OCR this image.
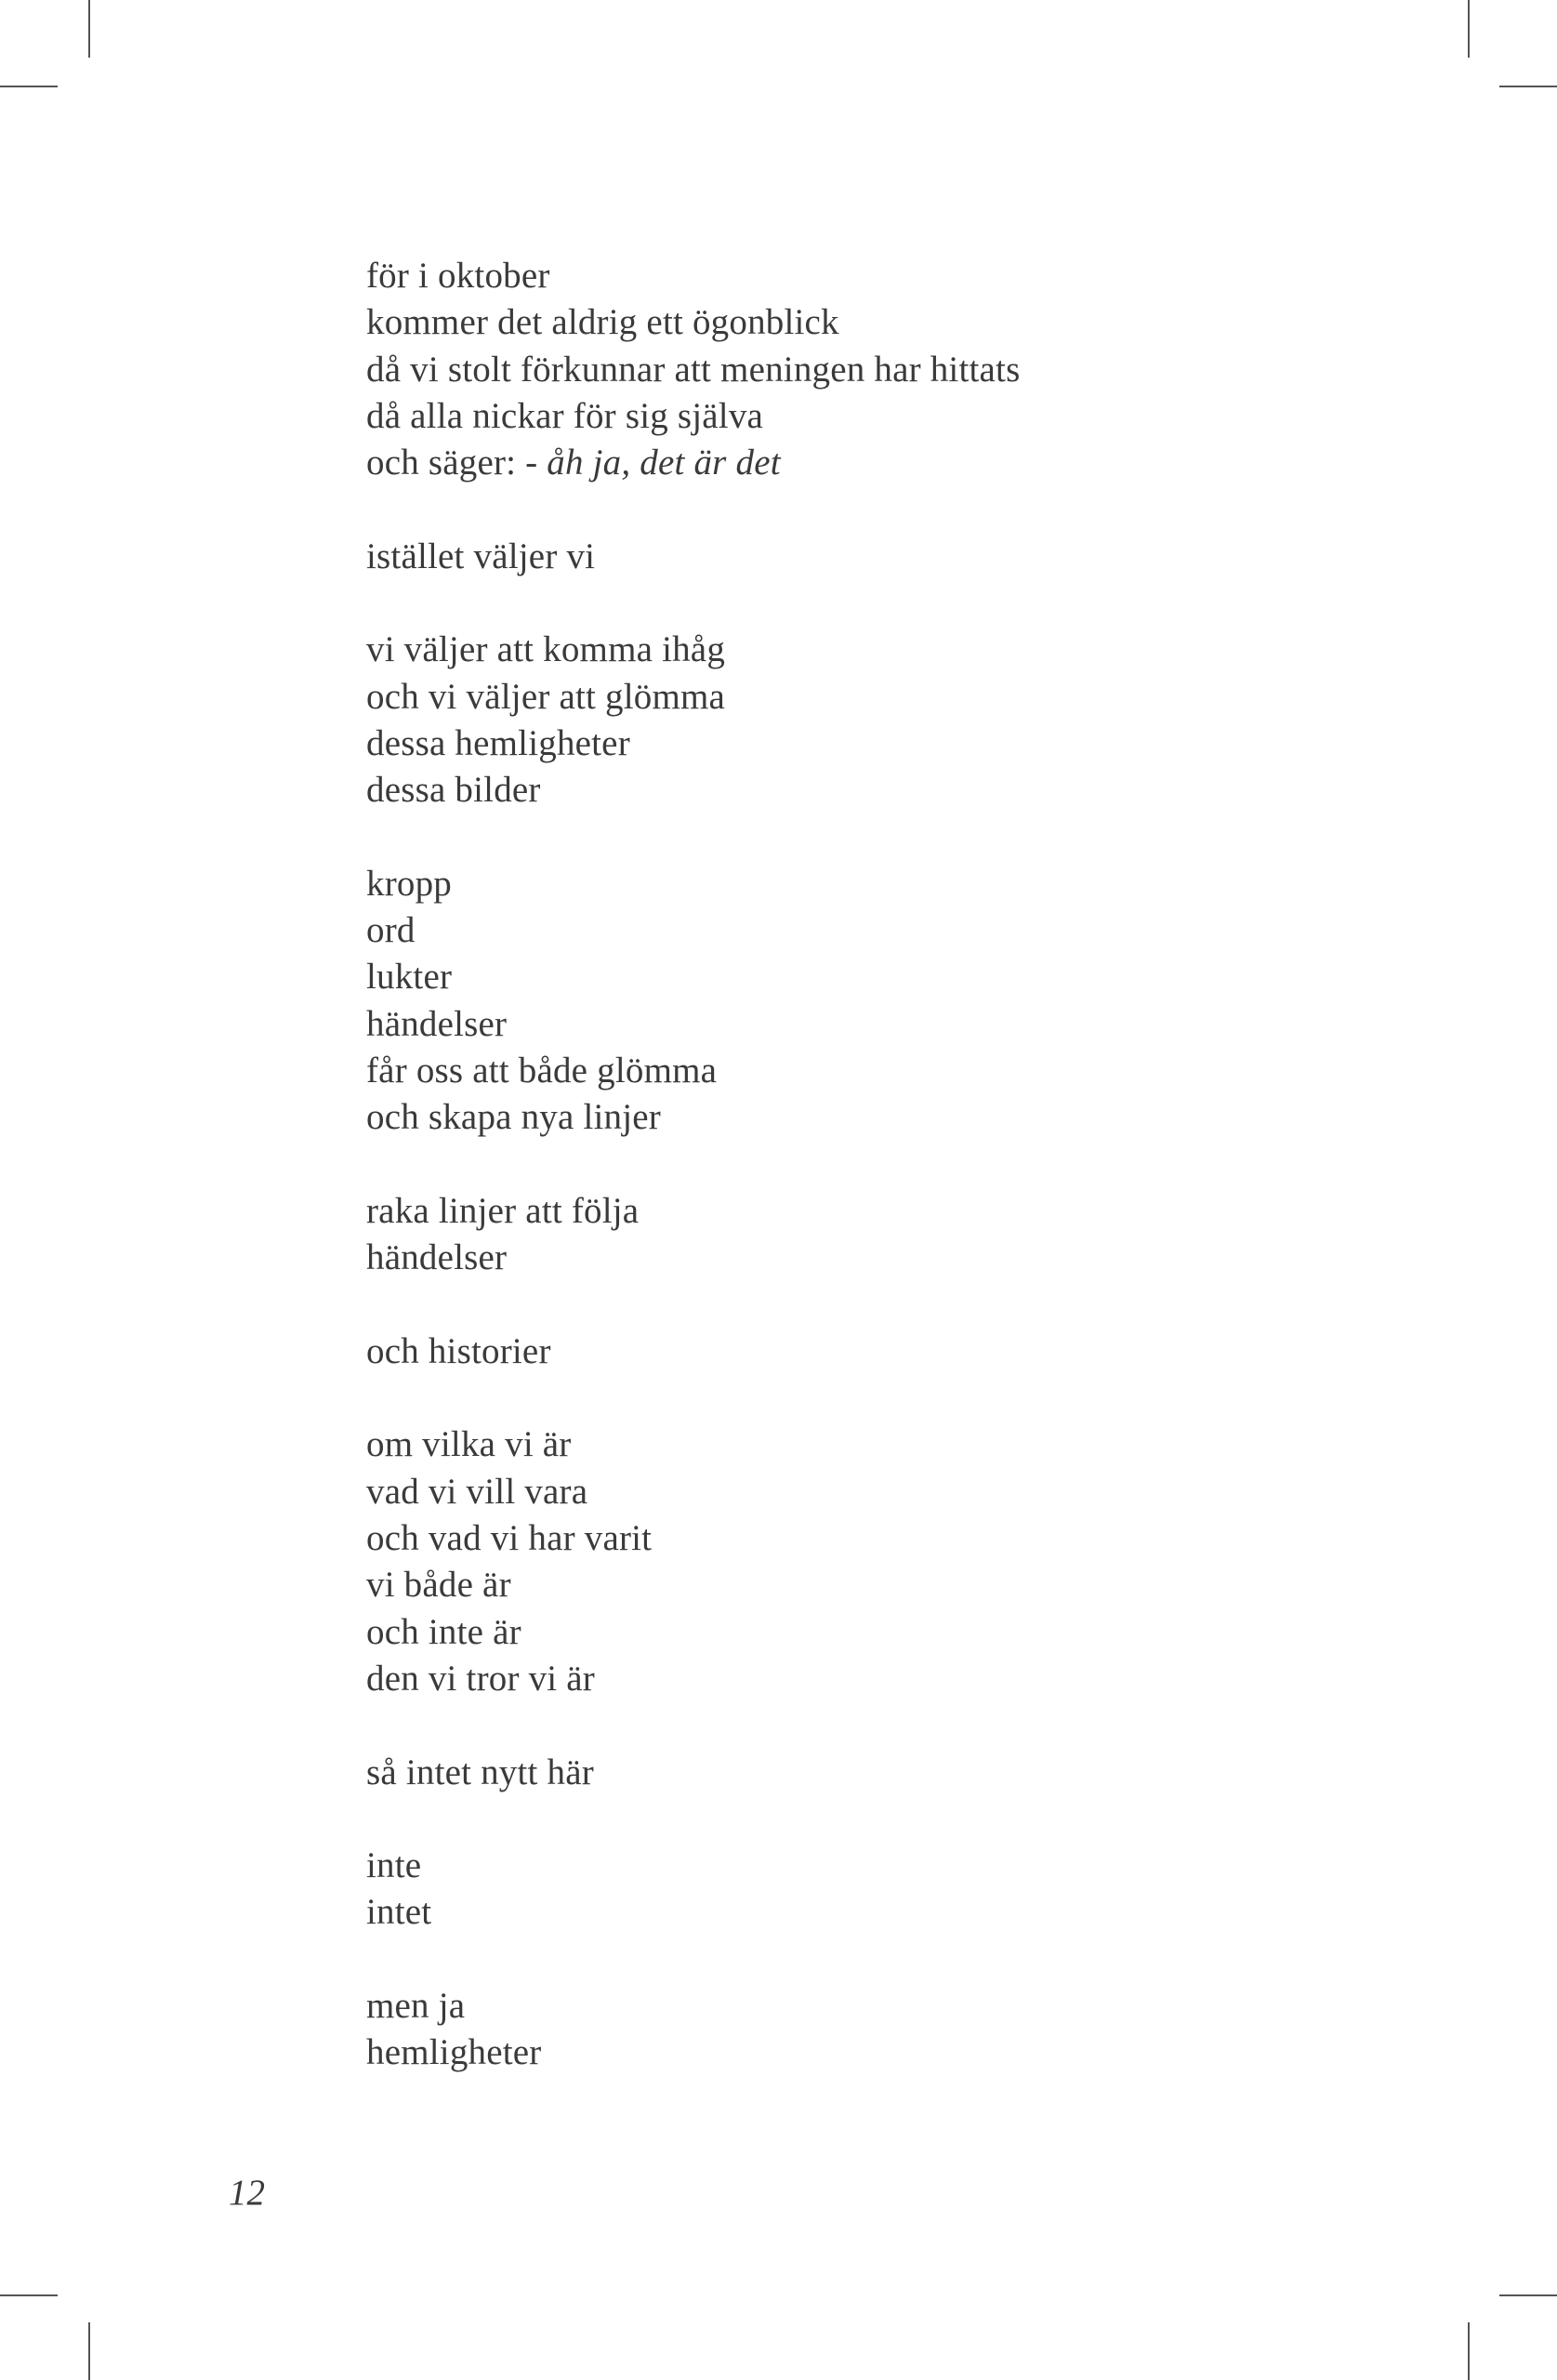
för i oktober
kommer det aldrig ett ögonblick
då vi stolt förkunnar att meningen har hittats
då alla nickar för sig själva
och säger: - åh ja, det är det
istället väljer vi
vi väljer att komma ihåg
och vi väljer att glömma
dessa hemligheter
dessa bilder
kropp
ord
lukter
händelser
får oss att både glömma
och skapa nya linjer
raka linjer att följa
händelser
och historier
om vilka vi är
vad vi vill vara
och vad vi har varit
vi både är
och inte är
den vi tror vi är
så intet nytt här
inte
intet
men ja
hemligheter
12
